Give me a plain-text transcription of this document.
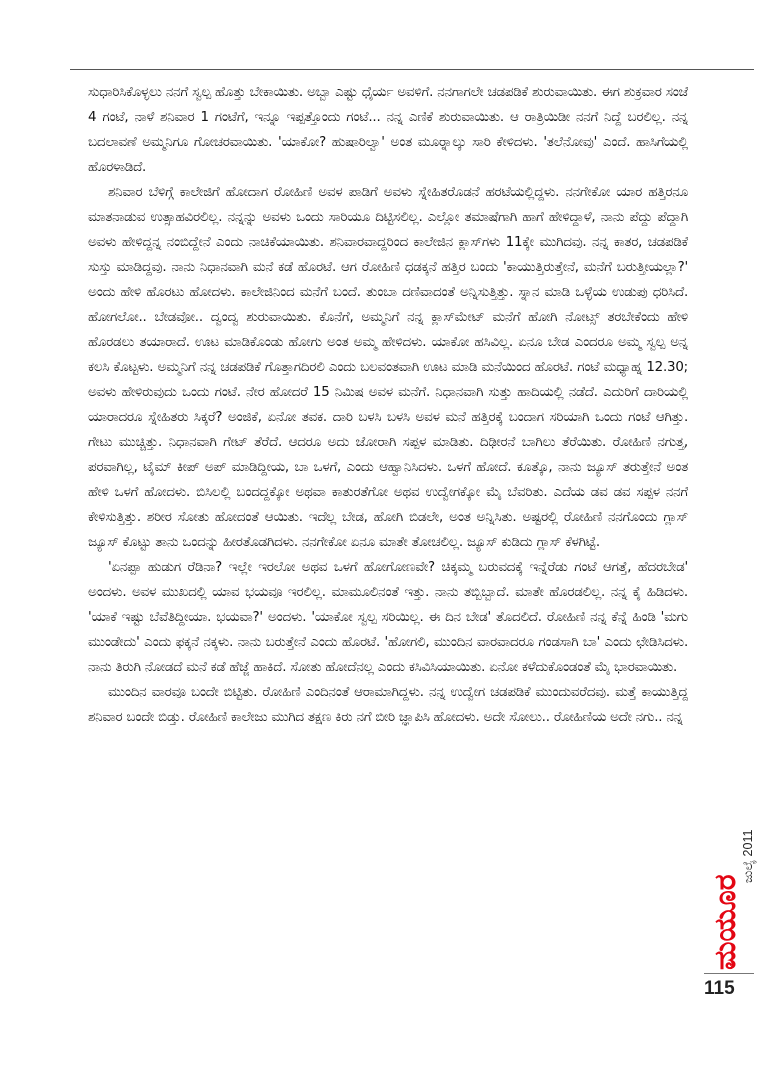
ಸುಧಾರಿಸಿಕೊಳ್ಳಲು ನನಗೆ ಸ್ವಲ್ಪ ಹೊತ್ತು ಬೇಕಾಯಿತು. ಅಬ್ಬಾ ಎಷ್ಟು ಧೈರ್ಯ ಅವಳಿಗೆ. ನನಗಾಗಲೇ ಚಡಪಡಿಕೆ ಶುರುವಾಯಿತು. ಈಗ ಶುಕ್ರವಾರ ಸಂಜೆ 4 ಗಂಟೆ, ನಾಳೆ ಶನಿವಾರ 1 ಗಂಟೆಗೆ, ಇನ್ನೂ ಇಪ್ಪತ್ತೊಂದು ಗಂಟೆ... ನನ್ನ ಎಣಿಕೆ ಶುರುವಾಯಿತು. ಆ ರಾತ್ರಿಯಿಡೀ ನನಗೆ ನಿದ್ದೆ ಬರಲಿಲ್ಲ. ನನ್ನ ಬದಲಾವಣೆ ಅಮ್ಮನಿಗೂ ಗೋಚರವಾಯಿತು. 'ಯಾಕೋ? ಹುಷಾರಿಲ್ವಾ' ಅಂತ ಮೂರ‍್ನಾಲ್ಕು ಸಾರಿ ಕೇಳಿದಳು. 'ತಲೆನೋವು' ಎಂದೆ. ಹಾಸಿಗೆಯಲ್ಲಿ ಹೊರಳಾಡಿದೆ.

ಶನಿವಾರ ಬೆಳಿಗ್ಗೆ ಕಾಲೇಜಿಗೆ ಹೋದಾಗ ರೋಹಿಣಿ ಅವಳ ಪಾಡಿಗೆ ಅವಳು ಸ್ನೇಹಿತರೊಡನೆ ಹರಟೆಯಲ್ಲಿದ್ದಳು. ನನಗೇಕೋ ಯಾರ ಹತ್ತಿರನೂ ಮಾತನಾಡುವ ಉತ್ಸಾಹವಿರಲಿಲ್ಲ. ನನ್ನನ್ನು ಅವಳು ಒಂದು ಸಾರಿಯೂ ದಿಟ್ಟಿಸಲಿಲ್ಲ. ಎಲ್ಲೋ ತಮಾಷೆಗಾಗಿ ಹಾಗೆ ಹೇಳಿದ್ದಾಳೆ, ನಾನು ಪೆದ್ದು ಪೆದ್ದಾಗಿ ಅವಳು ಹೇಳಿದ್ದನ್ನ ನಂಬಿದ್ದೇನೆ ಎಂದು ನಾಚಿಕೆಯಾಯಿತು. ಶನಿವಾರವಾದ್ದರಿಂದ ಕಾಲೇಜಿನ ಕ್ಲಾಸ್‌ಗಳು 11ಕ್ಕೇ ಮುಗಿದವು. ನನ್ನ ಕಾತರ, ಚಡಪಡಿಕೆ ಸುಸ್ತು ಮಾಡಿದ್ದವು. ನಾನು ನಿಧಾನವಾಗಿ ಮನೆ ಕಡೆ ಹೊರಟೆ. ಆಗ ರೋಹಿಣಿ ಧಡಕ್ಕನೆ ಹತ್ತಿರ ಬಂದು 'ಕಾಯುತ್ತಿರುತ್ತೇನೆ, ಮನೆಗೆ ಬರುತ್ತೀಯಲ್ಲಾ?' ಅಂದು ಹೇಳಿ ಹೊರಟು ಹೋದಳು. ಕಾಲೇಜಿನಿಂದ ಮನೆಗೆ ಬಂದೆ. ತುಂಬಾ ದಣಿವಾದಂತೆ ಅನ್ನಿಸುತ್ತಿತ್ತು. ಸ್ನಾನ ಮಾಡಿ ಒಳ್ಳೆಯ ಉಡುಪು ಧರಿಸಿದೆ. ಹೋಗಲೋ.. ಬೇಡವೋ.. ದ್ವಂದ್ವ ಶುರುವಾಯಿತು. ಕೊನೆಗೆ, ಅಮ್ಮನಿಗೆ ನನ್ನ ಕ್ಲಾಸ್‌ಮೇಟ್ ಮನೆಗೆ ಹೋಗಿ ನೋಟ್ಸ್ ತರಬೇಕೆಂದು ಹೇಳಿ ಹೊರಡಲು ತಯಾರಾದೆ. ಊಟ ಮಾಡಿಕೊಂಡು ಹೋಗು ಅಂತ ಅಮ್ಮ ಹೇಳಿದಳು. ಯಾಕೋ ಹಸಿವಿಲ್ಲ. ಏನೂ ಬೇಡ ಎಂದರೂ ಅಮ್ಮ ಸ್ವಲ್ಪ ಅನ್ನ ಕಲಸಿ ಕೊಟ್ಟಳು. ಅಮ್ಮನಿಗೆ ನನ್ನ ಚಡಪಡಿಕೆ ಗೊತ್ತಾಗದಿರಲಿ ಎಂದು ಬಲವಂತವಾಗಿ ಊಟ ಮಾಡಿ ಮನೆಯಿಂದ ಹೊರಟೆ. ಗಂಟೆ ಮಧ್ಯಾಹ್ನ 12.30; ಅವಳು ಹೇಳಿರುವುದು ಒಂದು ಗಂಟೆ. ನೇರ ಹೋದರೆ 15 ನಿಮಿಷ ಅವಳ ಮನೆಗೆ. ನಿಧಾನವಾಗಿ ಸುತ್ತು ಹಾದಿಯಲ್ಲಿ ನಡೆದೆ. ಎದುರಿಗೆ ದಾರಿಯಲ್ಲಿ ಯಾರಾದರೂ ಸ್ನೇಹಿತರು ಸಿಕ್ಕರೆ? ಅಂಜಿಕೆ, ಏನೋ ತವಕ. ದಾರಿ ಬಳಸಿ ಬಳಸಿ ಅವಳ ಮನೆ ಹತ್ತಿರಕ್ಕೆ ಬಂದಾಗ ಸರಿಯಾಗಿ ಒಂದು ಗಂಟೆ ಆಗಿತ್ತು. ಗೇಟು ಮುಚ್ಚಿತ್ತು. ನಿಧಾನವಾಗಿ ಗೇಟ್ ತೆರೆದೆ. ಆದರೂ ಅದು ಜೋರಾಗಿ ಸಪ್ಪಳ ಮಾಡಿತು. ದಿಢೀರನೆ ಬಾಗಿಲು ತೆರೆಯಿತು. ರೋಹಿಣಿ ನಗುತ್ತ, ಪರವಾಗಿಲ್ಲ, ಟೈಮ್ ಕೀಪ್ ಅಪ್ ಮಾಡಿದ್ದೀಯ, ಬಾ ಒಳಗೆ, ಎಂದು ಆಹ್ವಾನಿಸಿದಳು. ಒಳಗೆ ಹೋದೆ. ಕೂತ್ಕೊ, ನಾನು ಜ್ಯೂಸ್ ತರುತ್ತೇನೆ ಅಂತ ಹೇಳಿ ಒಳಗೆ ಹೋದಳು. ಬಿಸಿಲಲ್ಲಿ ಬಂದದ್ದಕ್ಕೋ ಅಥವಾ ಕಾತುರತೆಗೋ ಅಥವ ಉದ್ವೇಗಕ್ಕೋ ಮೈ ಬೆವರಿತು. ಎದೆಯ ಡವ ಡವ ಸಪ್ಪಳ ನನಗೆ ಕೇಳಿಸುತ್ತಿತ್ತು. ಶರೀರ ಸೋತು ಹೋದಂತೆ ಆಯಿತು. ಇದೆಲ್ಲ ಬೇಡ, ಹೋಗಿ ಬಿಡಲೇ, ಅಂತ ಅನ್ನಿಸಿತು. ಅಷ್ಟರಲ್ಲಿ ರೋಹಿಣಿ ನನಗೊಂದು ಗ್ಲಾಸ್ ಜ್ಯೂಸ್ ಕೊಟ್ಟು ತಾನು ಒಂದನ್ನು ಹೀರತೊಡಗಿದಳು. ನನಗೇಕೋ ಏನೂ ಮಾತೇ ತೋಚಲಿಲ್ಲ. ಜ್ಯೂಸ್ ಕುಡಿದು ಗ್ಲಾಸ್ ಕೆಳಗಿಟ್ಟೆ.

'ಏನಪ್ಪಾ ಹುಡುಗ ರೆಡಿನಾ? ಇಲ್ಲೇ ಇರಲೋ ಅಥವ ಒಳಗೆ ಹೋಗೋಣವೇ? ಚಿಕ್ಕಮ್ಮ ಬರುವದಕ್ಕೆ ಇನ್ನೆರೆಡು ಗಂಟೆ ಆಗತ್ತೆ, ಹೆದರಬೇಡ' ಅಂದಳು. ಅವಳ ಮುಖದಲ್ಲಿ ಯಾವ ಭಯವೂ ಇರಲಿಲ್ಲ. ಮಾಮೂಲಿನಂತೆ ಇತ್ತು. ನಾನು ತಬ್ಬಿಬ್ಬಾದೆ. ಮಾತೇ ಹೊರಡಲಿಲ್ಲ. ನನ್ನ ಕೈ ಹಿಡಿದಳು. 'ಯಾಕೆ ಇಷ್ಟು ಬೆವೆತಿದ್ದೀಯಾ. ಭಯವಾ?' ಅಂದಳು. 'ಯಾಕೋ ಸ್ವಲ್ಪ ಸರಿಯಿಲ್ಲ. ಈ ದಿನ ಬೇಡ' ತೊದಲಿದೆ. ರೋಹಿಣಿ ನನ್ನ ಕೆನ್ನೆ ಹಿಂಡಿ 'ಮಗು ಮುಂಡೇದು' ಎಂದು ಫಕ್ಕನೆ ನಕ್ಕಳು. ನಾನು ಬರುತ್ತೇನೆ ಎಂದು ಹೊರಟೆ. 'ಹೋಗಲಿ, ಮುಂದಿನ ವಾರವಾದರೂ ಗಂಡಸಾಗಿ ಬಾ' ಎಂದು ಛೇಡಿಸಿದಳು. ನಾನು ತಿರುಗಿ ನೋಡದೆ ಮನೆ ಕಡೆ ಹೆಜ್ಜೆ ಹಾಕಿದೆ. ಸೋತು ಹೋದೆನಲ್ಲ ಎಂದು ಕಸಿವಿಸಿಯಾಯಿತು. ಏನೋ ಕಳೆದುಕೊಂಡಂತೆ ಮೈ ಭಾರವಾಯಿತು.

ಮುಂದಿನ ವಾರವೂ ಬಂದೇ ಬಿಟ್ಟಿತು. ರೋಹಿಣಿ ಎಂದಿನಂತೆ ಆರಾಮಾಗಿದ್ದಳು. ನನ್ನ ಉದ್ವೇಗ ಚಡಪಡಿಕೆ ಮುಂದುವರೆದವು. ಮತ್ತೆ ಕಾಯುತ್ತಿದ್ದ ಶನಿವಾರ ಬಂದೇ ಬಿಡ್ತು. ರೋಹಿಣಿ ಕಾಲೇಜು ಮುಗಿದ ತಕ್ಷಣ ಕಿರು ನಗೆ ಬೀರಿ ಜ್ಞಾಪಿಸಿ ಹೋದಳು. ಅದೇ ಸೋಲು.. ರೋಹಿಣಿಯ ಅದೇ ನಗು.. ನನ್ನ

ಮಯೂರ
ಜುಲೈ 2011
115
